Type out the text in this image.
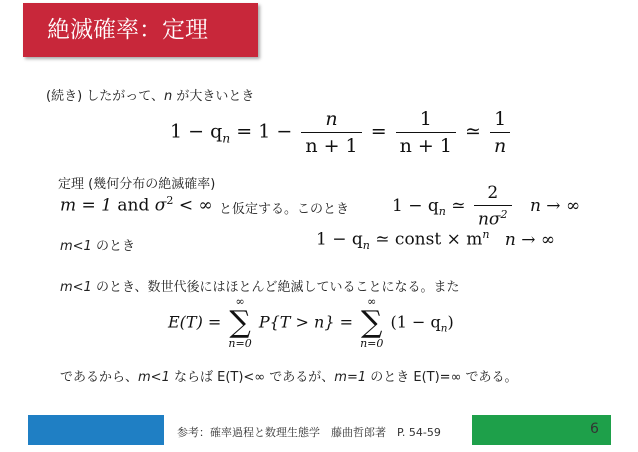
絶滅確率：定理
(続き) したがって、n が大きいとき
$1 - q_n = 1 - \frac{n}{n + 1} = \frac{1}{n + 1}$ ≃ $\frac{1}{n}$
定理 (幾何分布の絶滅確率)
m = 1 and $\sigma^2$ < ∞ と仮定する。このとき	$1 - q_n$ ≃ $\frac{2}{n\sigma^2}$ n → ∞
m<1 のとき	$1 - q_n$ ≃ const × $m^n$ n → ∞
m<1 のとき、数世代後にはほとんど絶滅していることになる。また
E(T) =
∞
∑
n=0
P{T > n} =
∞
∑
n=0
$(1 - q_n)$
であるから、m<1 ならば E(T)<∞ であるが、m=1 のとき E(T)=∞ である。
参考：確率過程と数理生態学　藤曲哲郎著　P. 54-59	6
